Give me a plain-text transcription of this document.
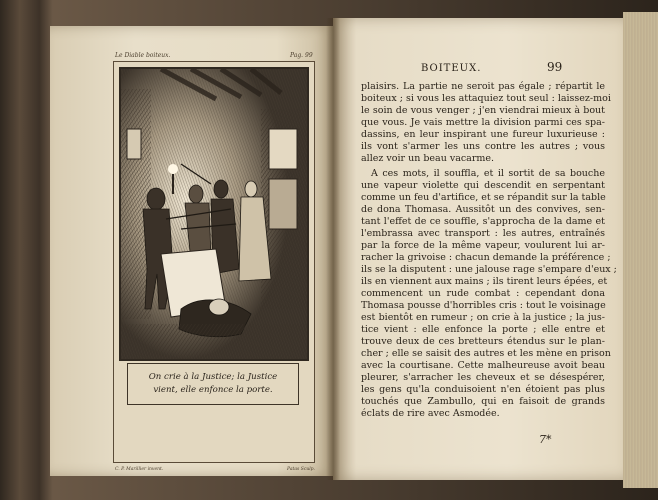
Le Diable boiteux.	Pag. 99
On crie à la Justice; la Justice
vient, elle enfonce la porte.
C. P. Marillier invent.	Patas Sculp.
BOITEUX.	99
plaisirs. La partie ne seroit pas égale ; répartit le
boiteux ; si vous les attaquiez tout seul : laissez-moi
le soin de vous venger ; j'en viendrai mieux à bout
que vous. Je vais mettre la division parmi ces spa-
dassins, en leur inspirant une fureur luxurieuse :
ils vont s'armer les uns contre les autres ; vous
allez voir un beau vacarme.
A ces mots, il souffla, et il sortit de sa bouche
une vapeur violette qui descendit en serpentant
comme un feu d'artifice, et se répandit sur la table
de dona Thomasa. Aussitôt un des convives, sen-
tant l'effet de ce souffle, s'approcha de la dame et
l'embrassa avec transport : les autres, entraînés
par la force de la même vapeur, voulurent lui ar-
racher la grivoise : chacun demande la préférence ;
ils se la disputent : une jalouse rage s'empare d'eux ;
ils en viennent aux mains ; ils tirent leurs épées, et
commencent un rude combat : cependant dona
Thomasa pousse d'horribles cris : tout le voisinage
est bientôt en rumeur ; on crie à la justice ; la jus-
tice vient : elle enfonce la porte ; elle entre et
trouve deux de ces bretteurs étendus sur le plan-
cher ; elle se saisit des autres et les mène en prison
avec la courtisane. Cette malheureuse avoit beau
pleurer, s'arracher les cheveux et se désespérer,
les gens qu'la conduisoient n'en étoient pas plus
touchés que Zambullo, qui en faisoit de grands
éclats de rire avec Asmodée.
7*
